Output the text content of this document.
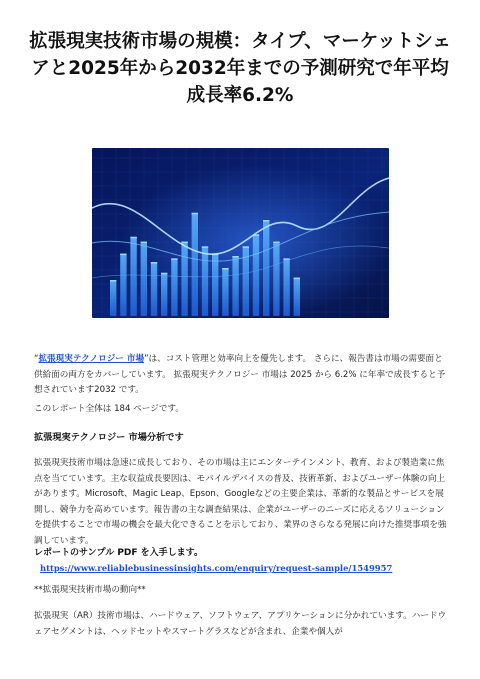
拡張現実技術市場の規模：タイプ、マーケットシェアと2025年から2032年までの予測研究で年平均成長率6.2%

“拡張現実テクノロジー 市場”は、コスト管理と効率向上を優先します。 さらに、報告書は市場の需要面と供給面の両方をカバーしています。 拡張現実テクノロジー 市場は 2025 から 6.2% に年率で成長すると予想されています2032 です。

このレポート全体は 184 ページです。

拡張現実テクノロジー 市場分析です

拡張現実技術市場は急速に成長しており、その市場は主にエンターテインメント、教育、および製造業に焦点を当てています。主な収益成長要因は、モバイルデバイスの普及、技術革新、およびユーザー体験の向上があります。Microsoft、Magic Leap、Epson、Googleなどの主要企業は、革新的な製品とサービスを展開し、競争力を高めています。報告書の主な調査結果は、企業がユーザーのニーズに応えるソリューションを提供することで市場の機会を最大化できることを示しており、業界のさらなる発展に向けた推奨事項を強調しています。

レポートのサンプル PDF を入手します。https://www.reliablebusinessinsights.com/enquiry/request-sample/1549957

**拡張現実技術市場の動向**

拡張現実（AR）技術市場は、ハードウェア、ソフトウェア、アプリケーションに分かれています。ハードウェアセグメントは、ヘッドセットやスマートグラスなどが含まれ、企業や個人が
